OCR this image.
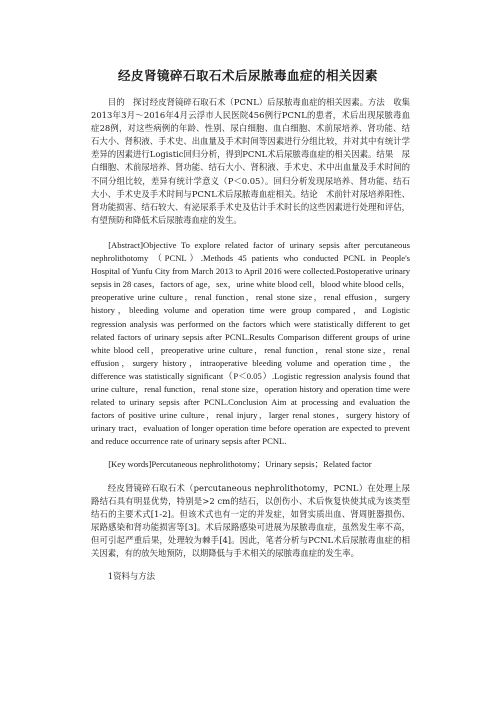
经皮肾镜碎石取石术后尿脓毒血症的相关因素

目的　探讨经皮肾镜碎石取石术（PCNL）后尿脓毒血症的相关因素。方法　收集2013年3月～2016年4月云浮市人民医院456例行PCNL的患者，术后出现尿脓毒血症28例，对这些病例的年龄、性别、尿白细胞、血白细胞、术前尿培养、肾功能、结石大小、肾积液、手术史、出血量及手术时间等因素进行分组比较，并对其中有统计学差异的因素进行Logistic回归分析，得到PCNL术后尿脓毒血症的相关因素。结果　尿白细胞、术前尿培养、肾功能、结石大小、肾积液、手术史、术中出血量及手术时间的不同分组比较，差异有统计学意义（P＜0.05）。回归分析发现尿培养、肾功能、结石大小、手术史及手术时间与PCNL术后尿脓毒血症相关。结论　术前针对尿培养阳性、肾功能损害、结石较大、有泌尿系手术史及估计手术时长的这些因素进行处理和评估，有望预防和降低术后尿脓毒血症的发生。

[Abstract]Objective To explore related factor of urinary sepsis after percutaneous nephrolithotomy （PCNL）.Methods 45 patients who conducted PCNL in People's Hospital of Yunfu City from March 2013 to April 2016 were collected.Postoperative urinary sepsis in 28 cases，factors of age，sex，urine white blood cell，blood white blood cells，preoperative urine culture，renal function，renal stone size，renal effusion，surgery history，bleeding volume and operation time were group compared，and Logistic regression analysis was performed on the factors which were statistically different to get related factors of urinary sepsis after PCNL.Results Comparison different groups of urine white blood cell，preoperative urine culture，renal function，renal stone size，renal effusion，surgery history，intraoperative bleeding volume and operation time，the difference was statistically significant（P＜0.05）.Logistic regression analysis found that urine culture，renal function，renal stone size，operation history and operation time were related to urinary sepsis after PCNL.Conclusion Aim at processing and evaluation the factors of positive urine culture，renal injury，larger renal stones，surgery history of urinary tract，evaluation of longer operation time before operation are expected to prevent and reduce occurrence rate of urinary sepsis after PCNL.

[Key words]Percutaneous nephrolithotomy；Urinary sepsis；Related factor

经皮肾镜碎石取石术（percutaneous nephrolithotomy，PCNL）在处理上尿路结石具有明显优势，特别是>2 cm的结石，以创伤小、术后恢复快使其成为该类型结石的主要术式[1-2]。但该术式也有一定的并发症，如肾实质出血、肾周脏器损伤、尿路感染和肾功能损害等[3]。术后尿路感染可进展为尿脓毒血症，虽然发生率不高，但可引起严重后果，处理较为棘手[4]。因此，笔者分析与PCNL术后尿脓毒血症的相关因素，有的放矢地预防，以期降低与手术相关的尿脓毒血症的发生率。

1资料与方法
